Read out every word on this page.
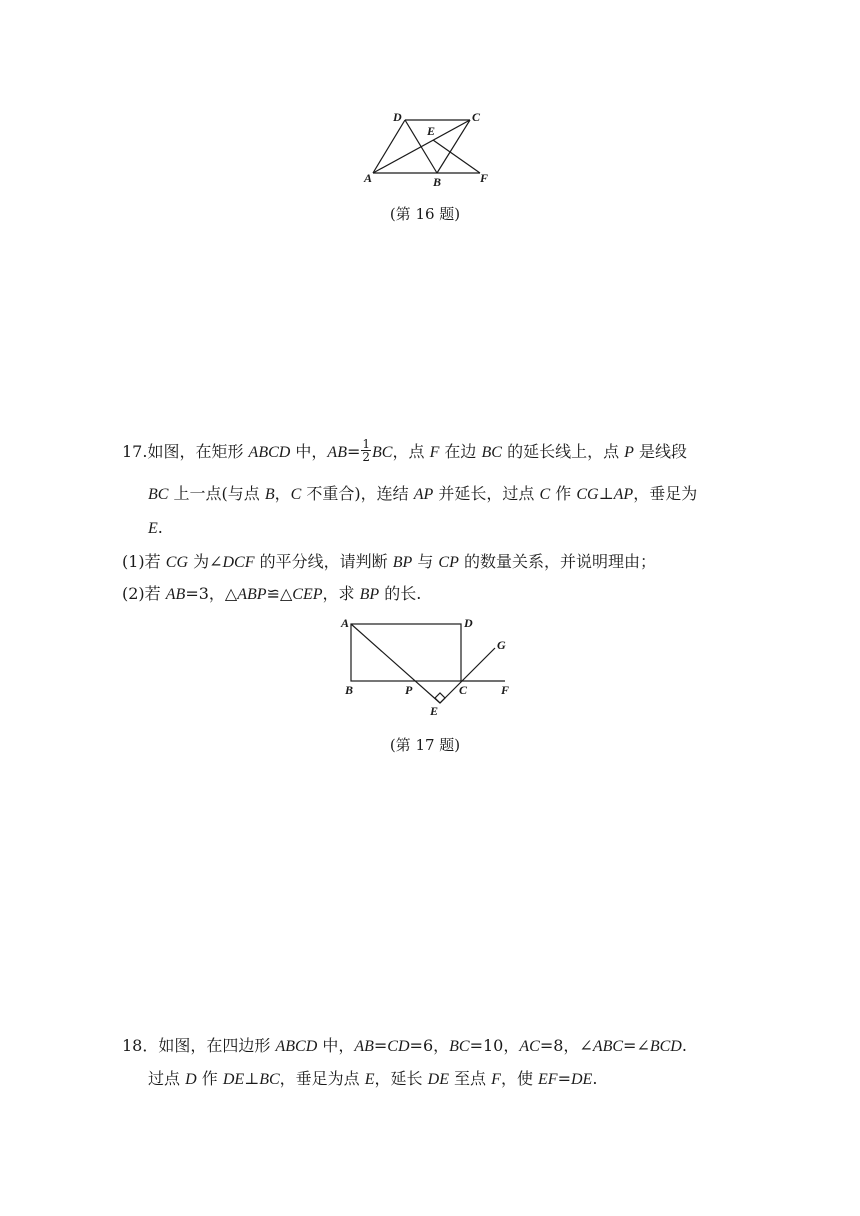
A	B
C
D
E
F
(第 16 题)
17.如图，在矩形 ABCD 中，$AB= \frac{1}{2}$ BC，点 F 在边 BC 的延长线上，点 P 是线段
BC 上一点(与点 B，C 不重合)，连结 AP 并延长，过点 C 作 CG⊥AP，垂足为
E.
(1)若 CG 为∠DCF 的平分线，请判断 BP 与 CP 的数量关系，并说明理由；
(2)若 AB=3，△ABP≌△CEP，求 BP 的长.
A
B	C
D
E
F
G
P
(第 17 题)
18．如图，在四边形 ABCD 中，AB=CD=6，BC=10，AC=8，∠ABC=∠BCD.
过点 D 作 DE⊥BC，垂足为点 E，延长 DE 至点 F，使 EF=DE.
